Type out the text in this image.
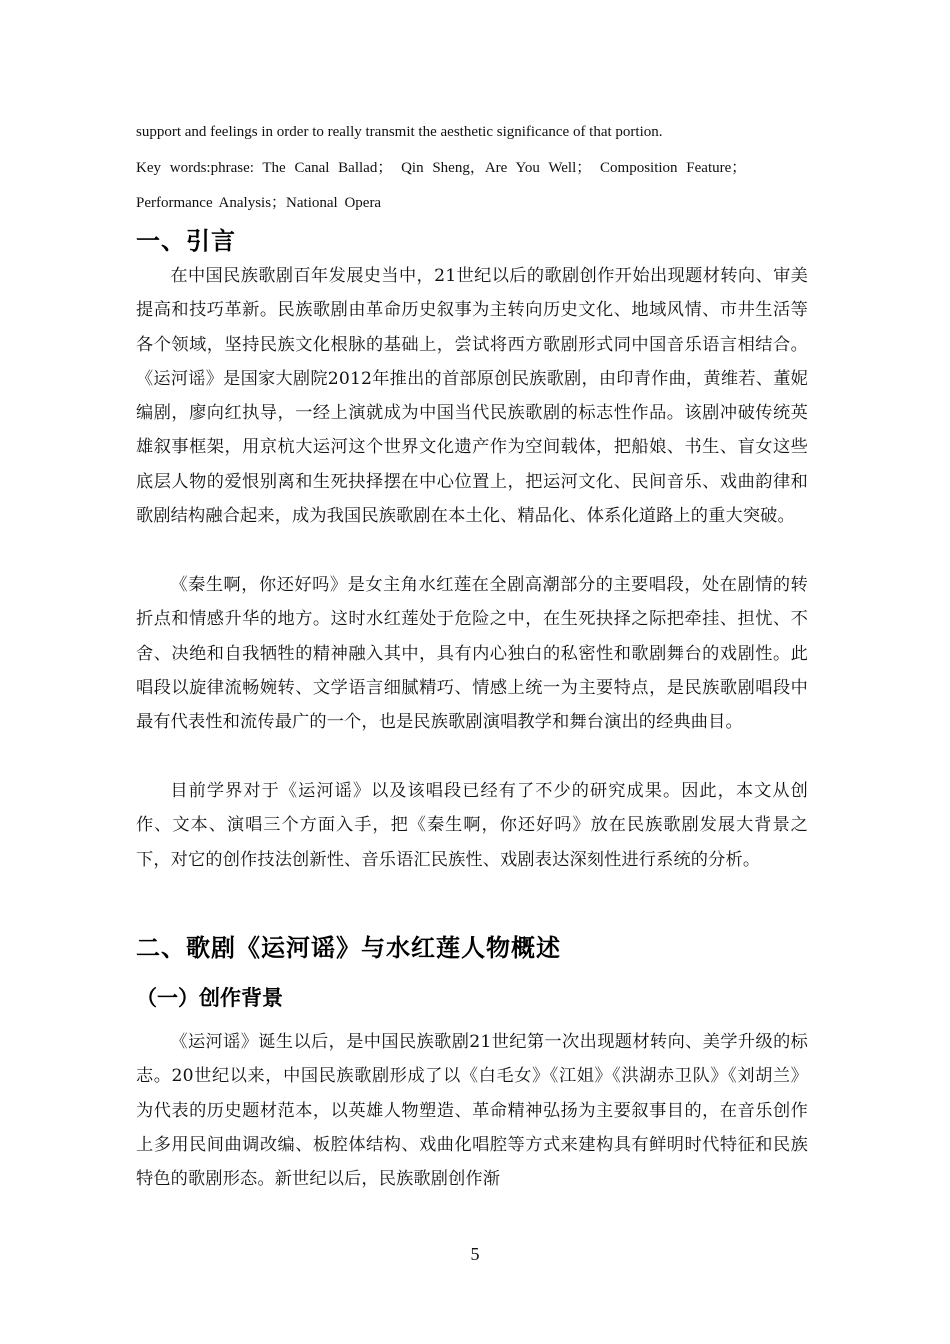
support and feelings in order to really transmit the aesthetic significance of that portion.
Key words:phrase: The Canal Ballad； Qin Sheng，Are You Well； Composition Feature；
Performance Analysis；National Opera
一、引言

在中国民族歌剧百年发展史当中，21世纪以后的歌剧创作开始出现题材转向、审美提高和技巧革新。民族歌剧由革命历史叙事为主转向历史文化、地域风情、市井生活等各个领域，坚持民族文化根脉的基础上，尝试将西方歌剧形式同中国音乐语言相结合。《运河谣》是国家大剧院2012年推出的首部原创民族歌剧，由印青作曲，黄维若、董妮编剧，廖向红执导，一经上演就成为中国当代民族歌剧的标志性作品。该剧冲破传统英雄叙事框架，用京杭大运河这个世界文化遗产作为空间载体，把船娘、书生、盲女这些底层人物的爱恨别离和生死抉择摆在中心位置上，把运河文化、民间音乐、戏曲韵律和歌剧结构融合起来，成为我国民族歌剧在本土化、精品化、体系化道路上的重大突破。

《秦生啊，你还好吗》是女主角水红莲在全剧高潮部分的主要唱段，处在剧情的转折点和情感升华的地方。这时水红莲处于危险之中，在生死抉择之际把牵挂、担忧、不舍、决绝和自我牺牲的精神融入其中，具有内心独白的私密性和歌剧舞台的戏剧性。此唱段以旋律流畅婉转、文学语言细腻精巧、情感上统一为主要特点，是民族歌剧唱段中最有代表性和流传最广的一个，也是民族歌剧演唱教学和舞台演出的经典曲目。

目前学界对于《运河谣》以及该唱段已经有了不少的研究成果。因此，本文从创作、文本、演唱三个方面入手，把《秦生啊，你还好吗》放在民族歌剧发展大背景之下，对它的创作技法创新性、音乐语汇民族性、戏剧表达深刻性进行系统的分析。

二、歌剧《运河谣》与水红莲人物概述
（一）创作背景

《运河谣》诞生以后，是中国民族歌剧21世纪第一次出现题材转向、美学升级的标志。20世纪以来，中国民族歌剧形成了以《白毛女》《江姐》《洪湖赤卫队》《刘胡兰》为代表的历史题材范本，以英雄人物塑造、革命精神弘扬为主要叙事目的，在音乐创作上多用民间曲调改编、板腔体结构、戏曲化唱腔等方式来建构具有鲜明时代特征和民族特色的歌剧形态。新世纪以后，民族歌剧创作渐

5
